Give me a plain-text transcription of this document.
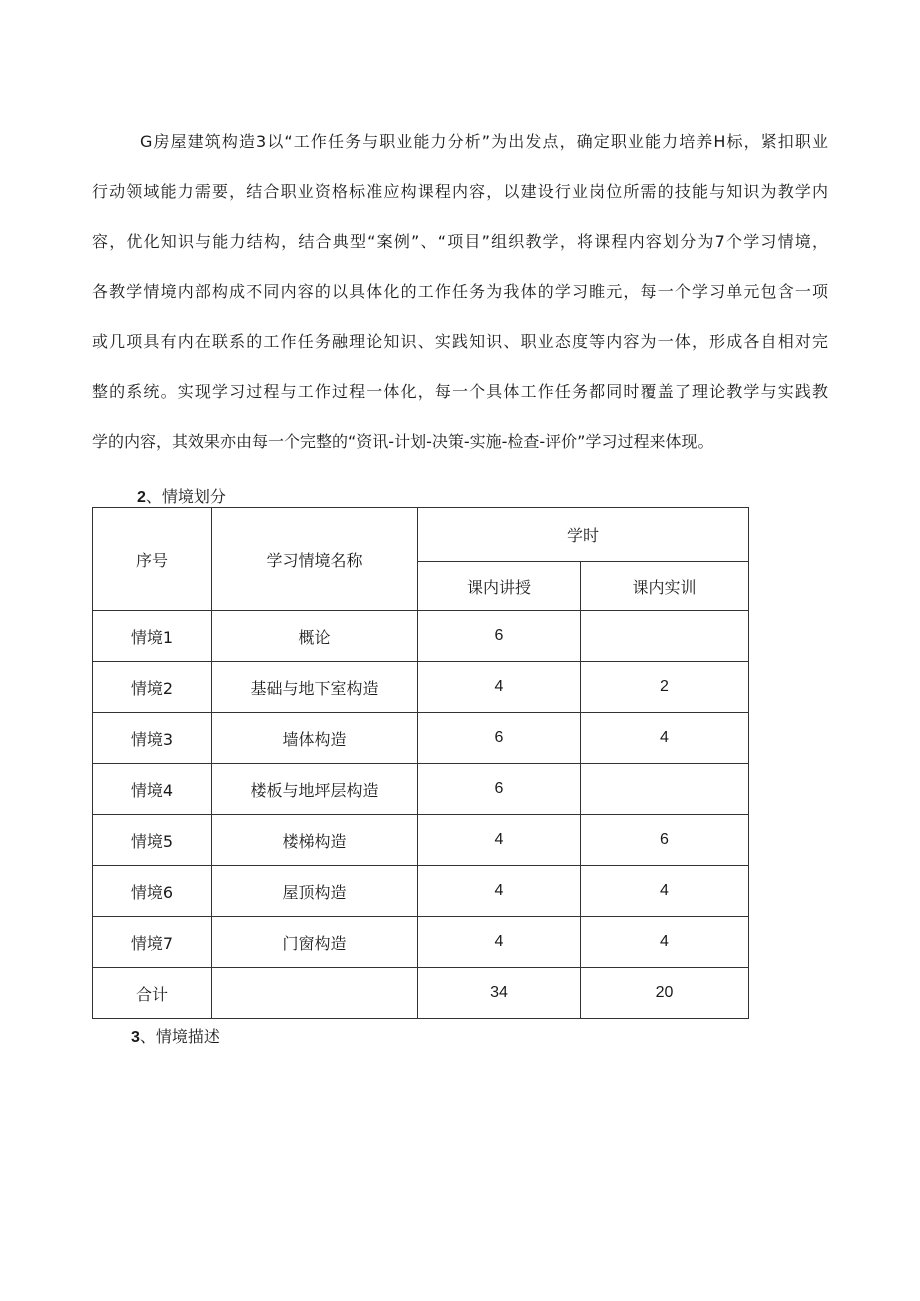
G房屋建筑构造3以“工作任务与职业能力分析”为出发点，确定职业能力培养H标，紧扣职业
行动领域能力需要，结合职业资格标准应构课程内容，以建设行业岗位所需的技能与知识为教学内
容，优化知识与能力结构，结合典型“案例”、“项目”组织教学，将课程内容划分为7个学习情境，
各教学情境内部构成不同内容的以具体化的工作任务为我体的学习睢元，每一个学习单元包含一项
或几项具有内在联系的工作任务融理论知识、实践知识、职业态度等内容为一体，形成各自相对完
整的系统。实现学习过程与工作过程一体化，每一个具体工作任务都同时覆盖了理论教学与实践教
学的内容，其效果亦由每一个完整的“资讯-计划-决策-实施-检查-评价”学习过程来体现。

2、情境划分
序号	学习情境名称	学时	
		课内讲授	课内实训
情境1	概论	6	
情境2	基础与地下室构造	4	2
情境3	墙体构造	6	4
情境4	楼板与地坪层构造	6	
情境5	楼梯构造	4	6
情境6	屋顶构造	4	4
情境7	门窗构造	4	4
合计		34	20
3、情境描述
